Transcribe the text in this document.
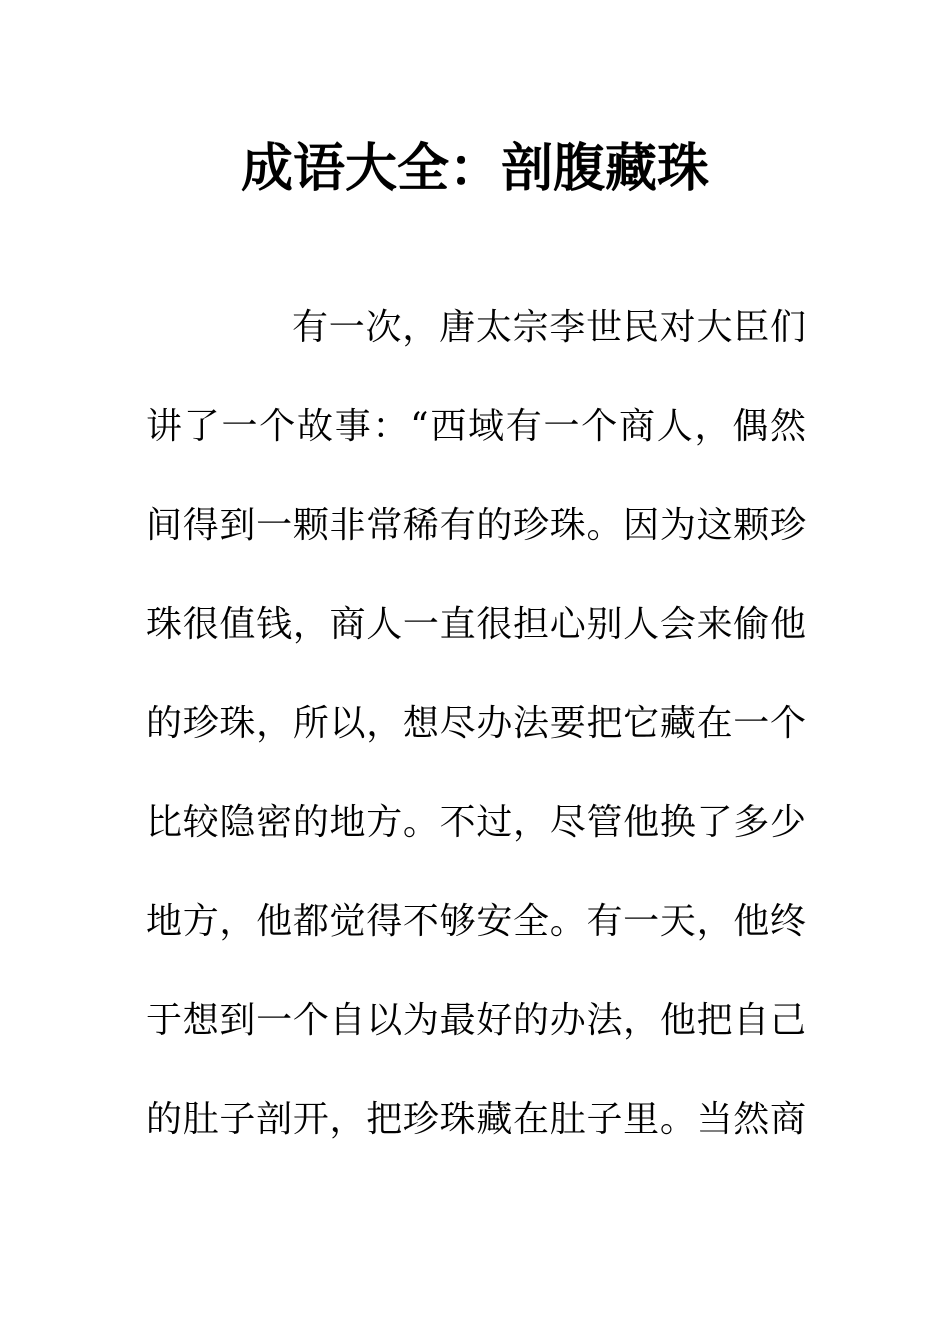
成语大全：剖腹藏珠
有一次，唐太宗李世民对大臣们
讲了一个故事：“西域有一个商人，偶然
间得到一颗非常稀有的珍珠。因为这颗珍
珠很值钱，商人一直很担心别人会来偷他
的珍珠，所以，想尽办法要把它藏在一个
比较隐密的地方。不过，尽管他换了多少
地方，他都觉得不够安全。有一天，他终
于想到一个自以为最好的办法，他把自己
的肚子剖开，把珍珠藏在肚子里。当然商
